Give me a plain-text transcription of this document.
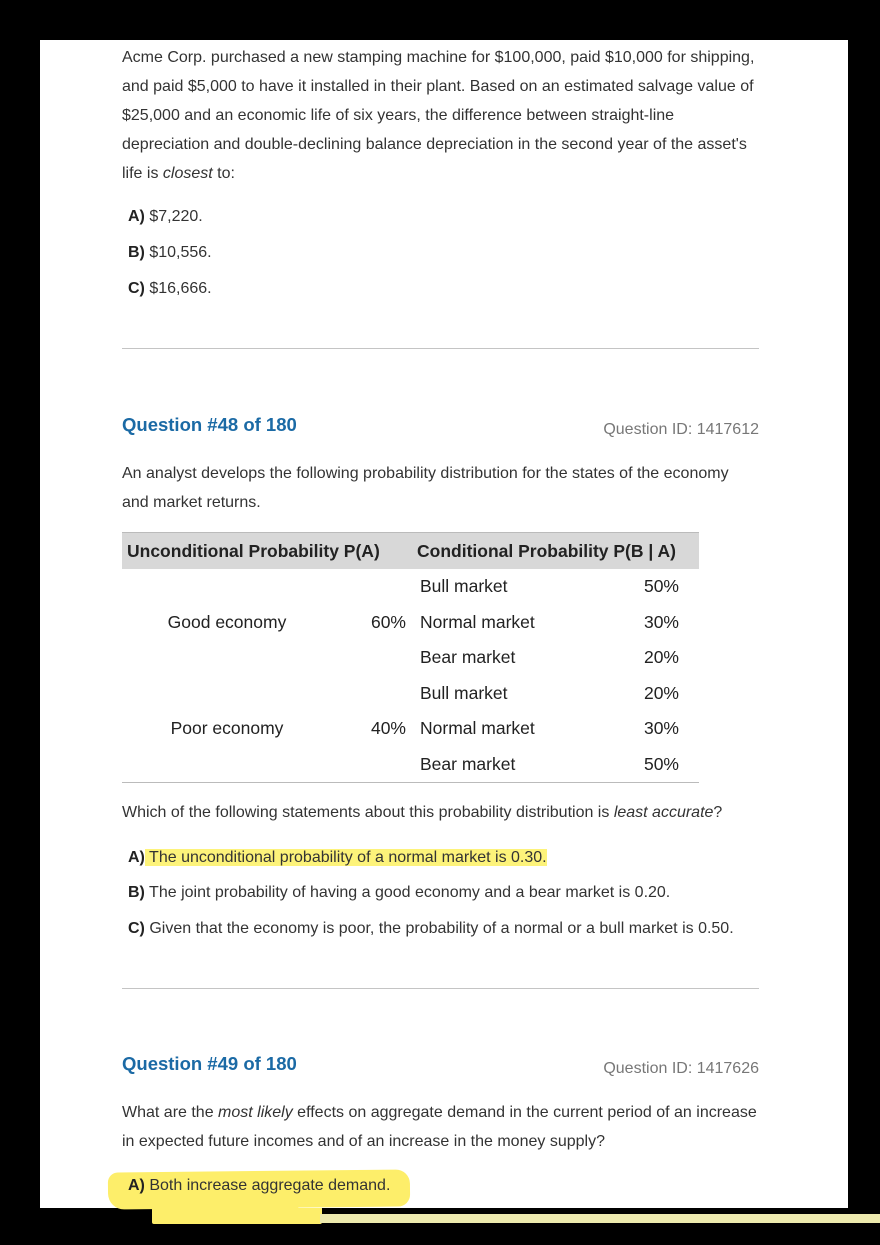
Acme Corp. purchased a new stamping machine for $100,000, paid $10,000 for shipping, and paid $5,000 to have it installed in their plant. Based on an estimated salvage value of $25,000 and an economic life of six years, the difference between straight-line depreciation and double-declining balance depreciation in the second year of the asset's life is closest to:

A) $7,220.
B) $10,556.
C) $16,666.
Question #48 of 180	Question ID: 1417612
An analyst develops the following probability distribution for the states of the economy and market returns.
Unconditional Probability P(A)		Conditional Probability P(B | A)	
Good economy	60%	Bull market	50%
		Normal market	30%
		Bear market	20%
Poor economy	40%	Bull market	20%
		Normal market	30%
		Bear market	50%

Which of the following statements about this probability distribution is least accurate?

A) The unconditional probability of a normal market is 0.30.
B) The joint probability of having a good economy and a bear market is 0.20.
C) Given that the economy is poor, the probability of a normal or a bull market is 0.50.
Question #49 of 180	Question ID: 1417626

What are the most likely effects on aggregate demand in the current period of an increase in expected future incomes and of an increase in the money supply?

A) Both increase aggregate demand.
